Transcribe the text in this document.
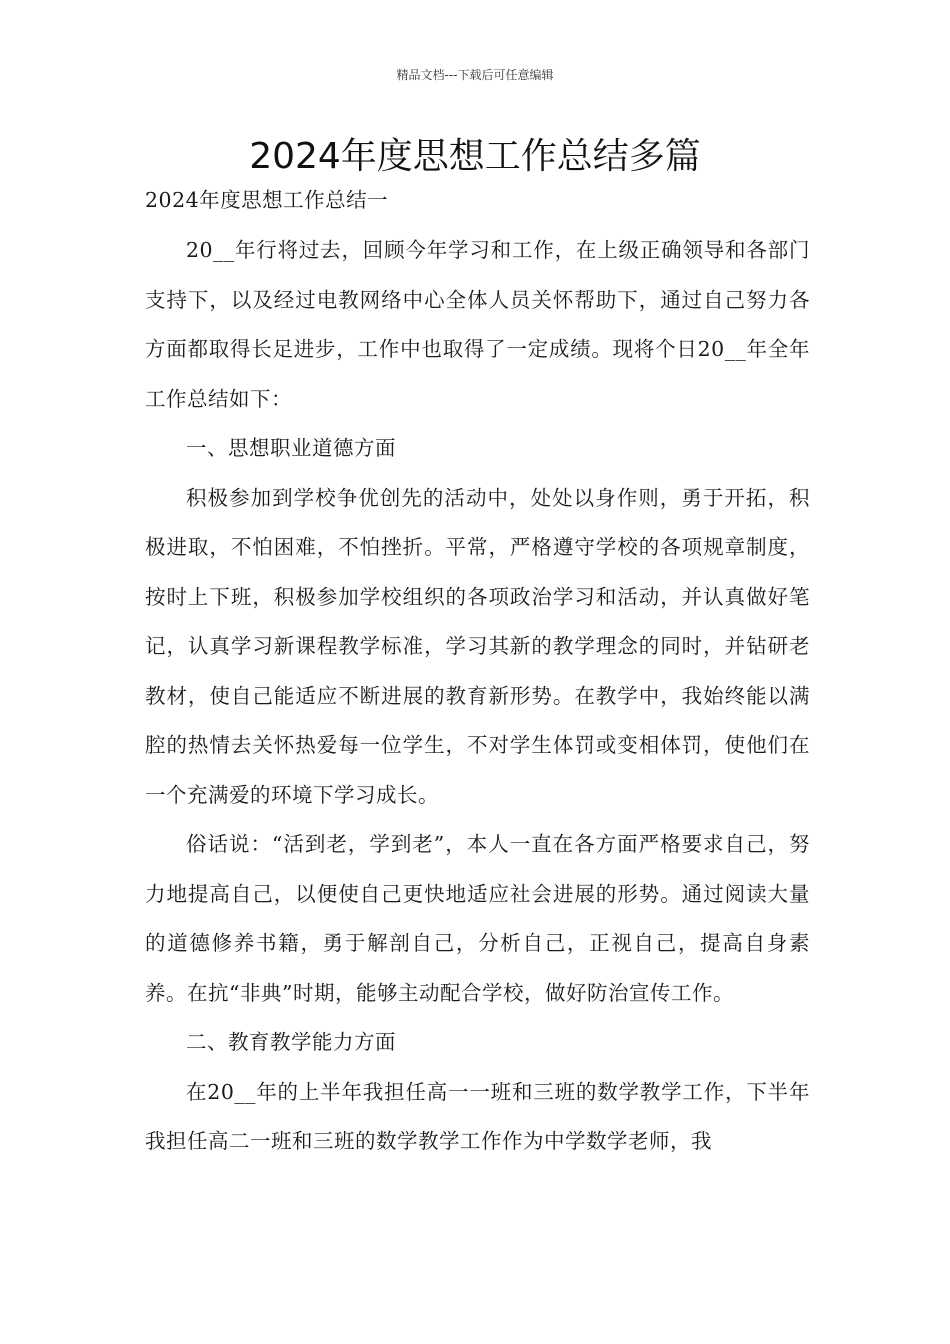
精品文档---下载后可任意编辑
2024年度思想工作总结多篇
2024年度思想工作总结一

20__年行将过去，回顾今年学习和工作，在上级正确领导和各部门支持下，以及经过电教网络中心全体人员关怀帮助下，通过自己努力各方面都取得长足进步，工作中也取得了一定成绩。现将个日20__年全年工作总结如下：

一、思想职业道德方面

积极参加到学校争优创先的活动中，处处以身作则，勇于开拓，积极进取，不怕困难，不怕挫折。平常，严格遵守学校的各项规章制度，按时上下班，积极参加学校组织的各项政治学习和活动，并认真做好笔记，认真学习新课程教学标准，学习其新的教学理念的同时，并钻研老教材，使自己能适应不断进展的教育新形势。在教学中，我始终能以满腔的热情去关怀热爱每一位学生，不对学生体罚或变相体罚，使他们在一个充满爱的环境下学习成长。

俗话说：“活到老，学到老”，本人一直在各方面严格要求自己，努力地提高自己，以便使自己更快地适应社会进展的形势。通过阅读大量的道德修养书籍，勇于解剖自己，分析自己，正视自己，提高自身素养。在抗“非典”时期，能够主动配合学校，做好防治宣传工作。

二、教育教学能力方面

在20__年的上半年我担任高一一班和三班的数学教学工作，下半年我担任高二一班和三班的数学教学工作作为中学数学老师，我
